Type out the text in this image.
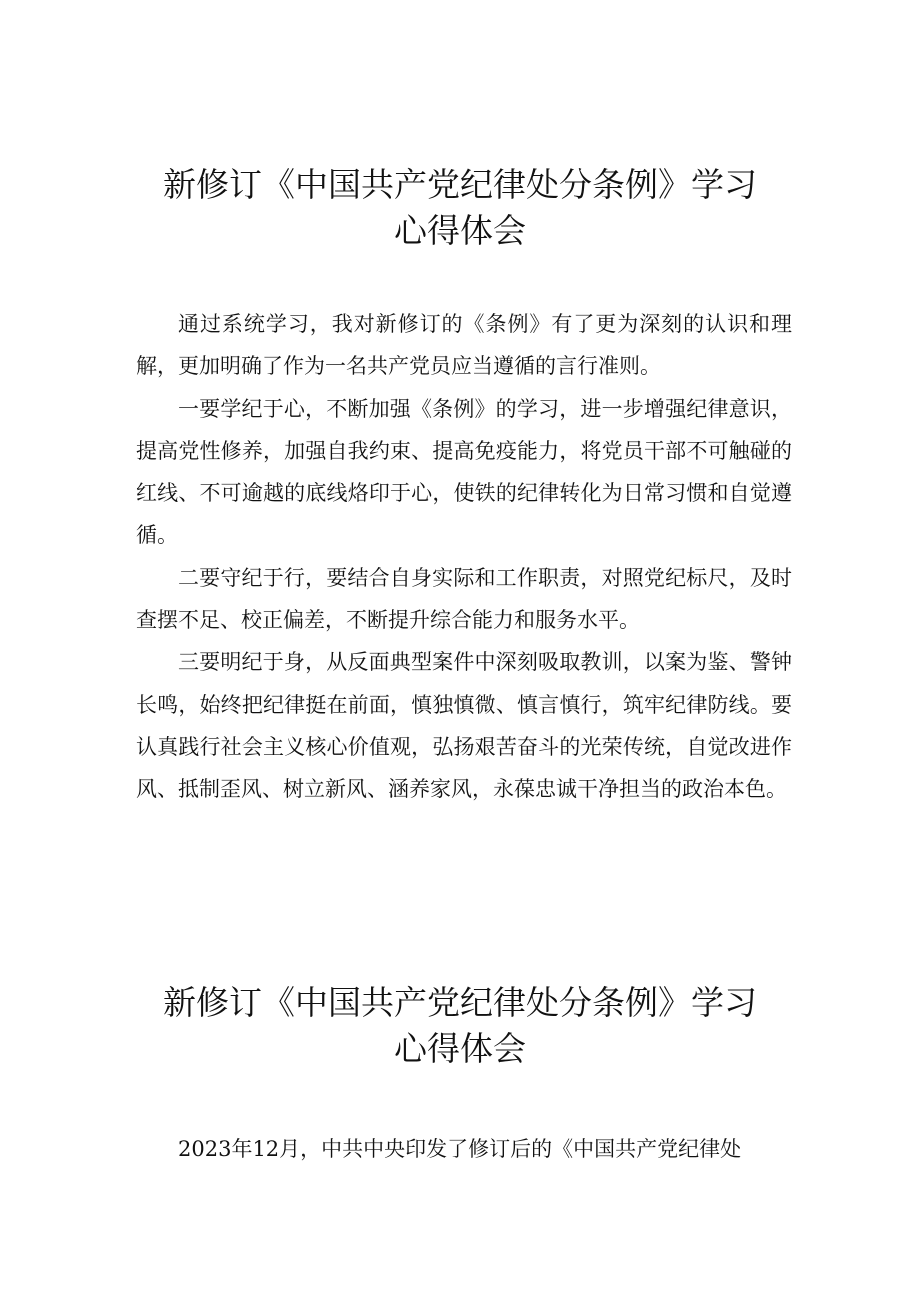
新修订《中国共产党纪律处分条例》学习
心得体会

通过系统学习，我对新修订的《条例》有了更为深刻的认识和理解，更加明确了作为一名共产党员应当遵循的言行准则。

一要学纪于心，不断加强《条例》的学习，进一步增强纪律意识，提高党性修养，加强自我约束、提高免疫能力，将党员干部不可触碰的红线、不可逾越的底线烙印于心，使铁的纪律转化为日常习惯和自觉遵循。

二要守纪于行，要结合自身实际和工作职责，对照党纪标尺，及时查摆不足、校正偏差，不断提升综合能力和服务水平。

三要明纪于身，从反面典型案件中深刻吸取教训，以案为鉴、警钟长鸣，始终把纪律挺在前面，慎独慎微、慎言慎行，筑牢纪律防线。要认真践行社会主义核心价值观，弘扬艰苦奋斗的光荣传统，自觉改进作风、抵制歪风、树立新风、涵养家风，永葆忠诚干净担当的政治本色。

新修订《中国共产党纪律处分条例》学习
心得体会

2023年12月，中共中央印发了修订后的《中国共产党纪律处
